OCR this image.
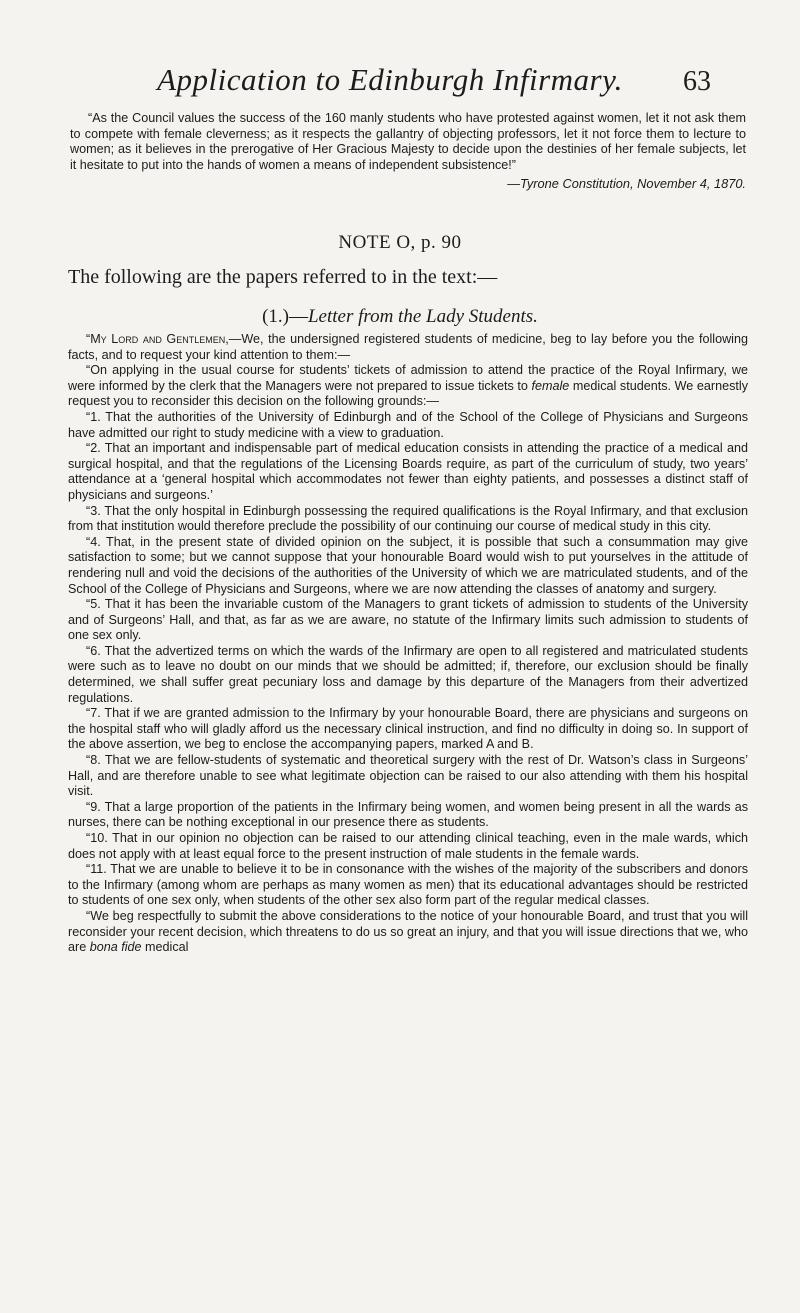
Application to Edinburgh Infirmary.	63

“As the Council values the success of the 160 manly students who have protested against women, let it not ask them to compete with female cleverness; as it respects the gallantry of objecting professors, let it not force them to lecture to women; as it believes in the prerogative of Her Gracious Majesty to decide upon the destinies of her female subjects, let it hesitate to put into the hands of women a means of independent subsistence!”

—Tyrone Constitution, November 4, 1870.
NOTE O, p. 90
The following are the papers referred to in the text:—
(1.)—Letter from the Lady Students.

“My Lord and Gentlemen,—We, the undersigned registered students of medicine, beg to lay before you the following facts, and to request your kind attention to them:—

“On applying in the usual course for students’ tickets of admission to attend the practice of the Royal Infirmary, we were informed by the clerk that the Managers were not prepared to issue tickets to female medical students. We earnestly request you to reconsider this decision on the following grounds:—

“1. That the authorities of the University of Edinburgh and of the School of the College of Physicians and Surgeons have admitted our right to study medicine with a view to graduation.

“2. That an important and indispensable part of medical education consists in attending the practice of a medical and surgical hospital, and that the regulations of the Licensing Boards require, as part of the curriculum of study, two years’ attendance at a ‘general hospital which accommodates not fewer than eighty patients, and possesses a distinct staff of physicians and surgeons.’

“3. That the only hospital in Edinburgh possessing the required qualifications is the Royal Infirmary, and that exclusion from that institution would therefore preclude the possibility of our continuing our course of medical study in this city.

“4. That, in the present state of divided opinion on the subject, it is possible that such a consummation may give satisfaction to some; but we cannot suppose that your honourable Board would wish to put yourselves in the attitude of rendering null and void the decisions of the authorities of the University of which we are matriculated students, and of the School of the College of Physicians and Surgeons, where we are now attending the classes of anatomy and surgery.

“5. That it has been the invariable custom of the Managers to grant tickets of admission to students of the University and of Surgeons’ Hall, and that, as far as we are aware, no statute of the Infirmary limits such admission to students of one sex only.

“6. That the advertized terms on which the wards of the Infirmary are open to all registered and matriculated students were such as to leave no doubt on our minds that we should be admitted; if, therefore, our exclusion should be finally determined, we shall suffer great pecuniary loss and damage by this departure of the Managers from their advertized regulations.

“7. That if we are granted admission to the Infirmary by your honourable Board, there are physicians and surgeons on the hospital staff who will gladly afford us the necessary clinical instruction, and find no difficulty in doing so. In support of the above assertion, we beg to enclose the accompanying papers, marked A and B.

“8. That we are fellow-students of systematic and theoretical surgery with the rest of Dr. Watson’s class in Surgeons’ Hall, and are therefore unable to see what legitimate objection can be raised to our also attending with them his hospital visit.

“9. That a large proportion of the patients in the Infirmary being women, and women being present in all the wards as nurses, there can be nothing exceptional in our presence there as students.

“10. That in our opinion no objection can be raised to our attending clinical teaching, even in the male wards, which does not apply with at least equal force to the present instruction of male students in the female wards.

“11. That we are unable to believe it to be in consonance with the wishes of the majority of the subscribers and donors to the Infirmary (among whom are perhaps as many women as men) that its educational advantages should be restricted to students of one sex only, when students of the other sex also form part of the regular medical classes.

“We beg respectfully to submit the above considerations to the notice of your honourable Board, and trust that you will reconsider your recent decision, which threatens to do us so great an injury, and that you will issue directions that we, who are bona fide medical
